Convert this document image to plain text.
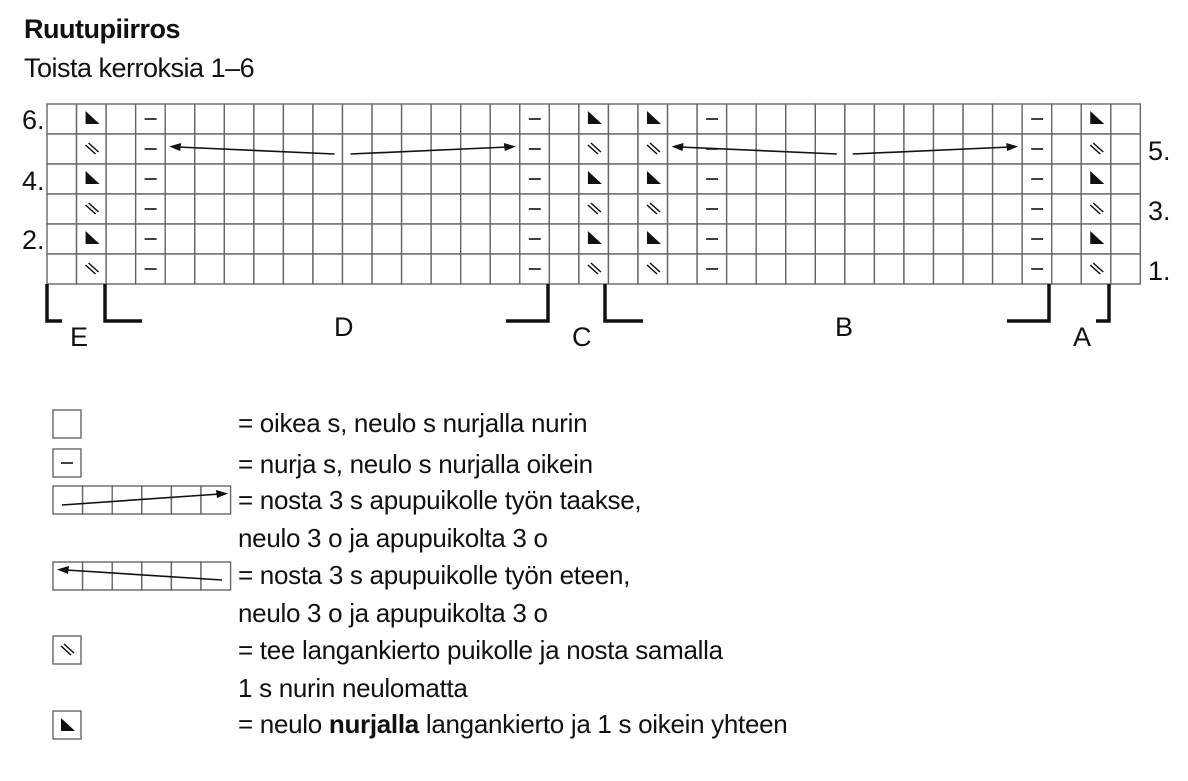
Ruutupiirros
Toista kerroksia 1–6
6.
4.
2.
5.
3.
1.
E	D	C	B	A
= oikea s, neulo s nurjalla nurin
= nurja s, neulo s nurjalla oikein
= nosta 3 s apupuikolle työn taakse,
neulo 3 o ja apupuikolta 3 o
= nosta 3 s apupuikolle työn eteen,
neulo 3 o ja apupuikolta 3 o
= tee langankierto puikolle ja nosta samalla
1 s nurin neulomatta
= neulo nurjalla langankierto ja 1 s oikein yhteen
